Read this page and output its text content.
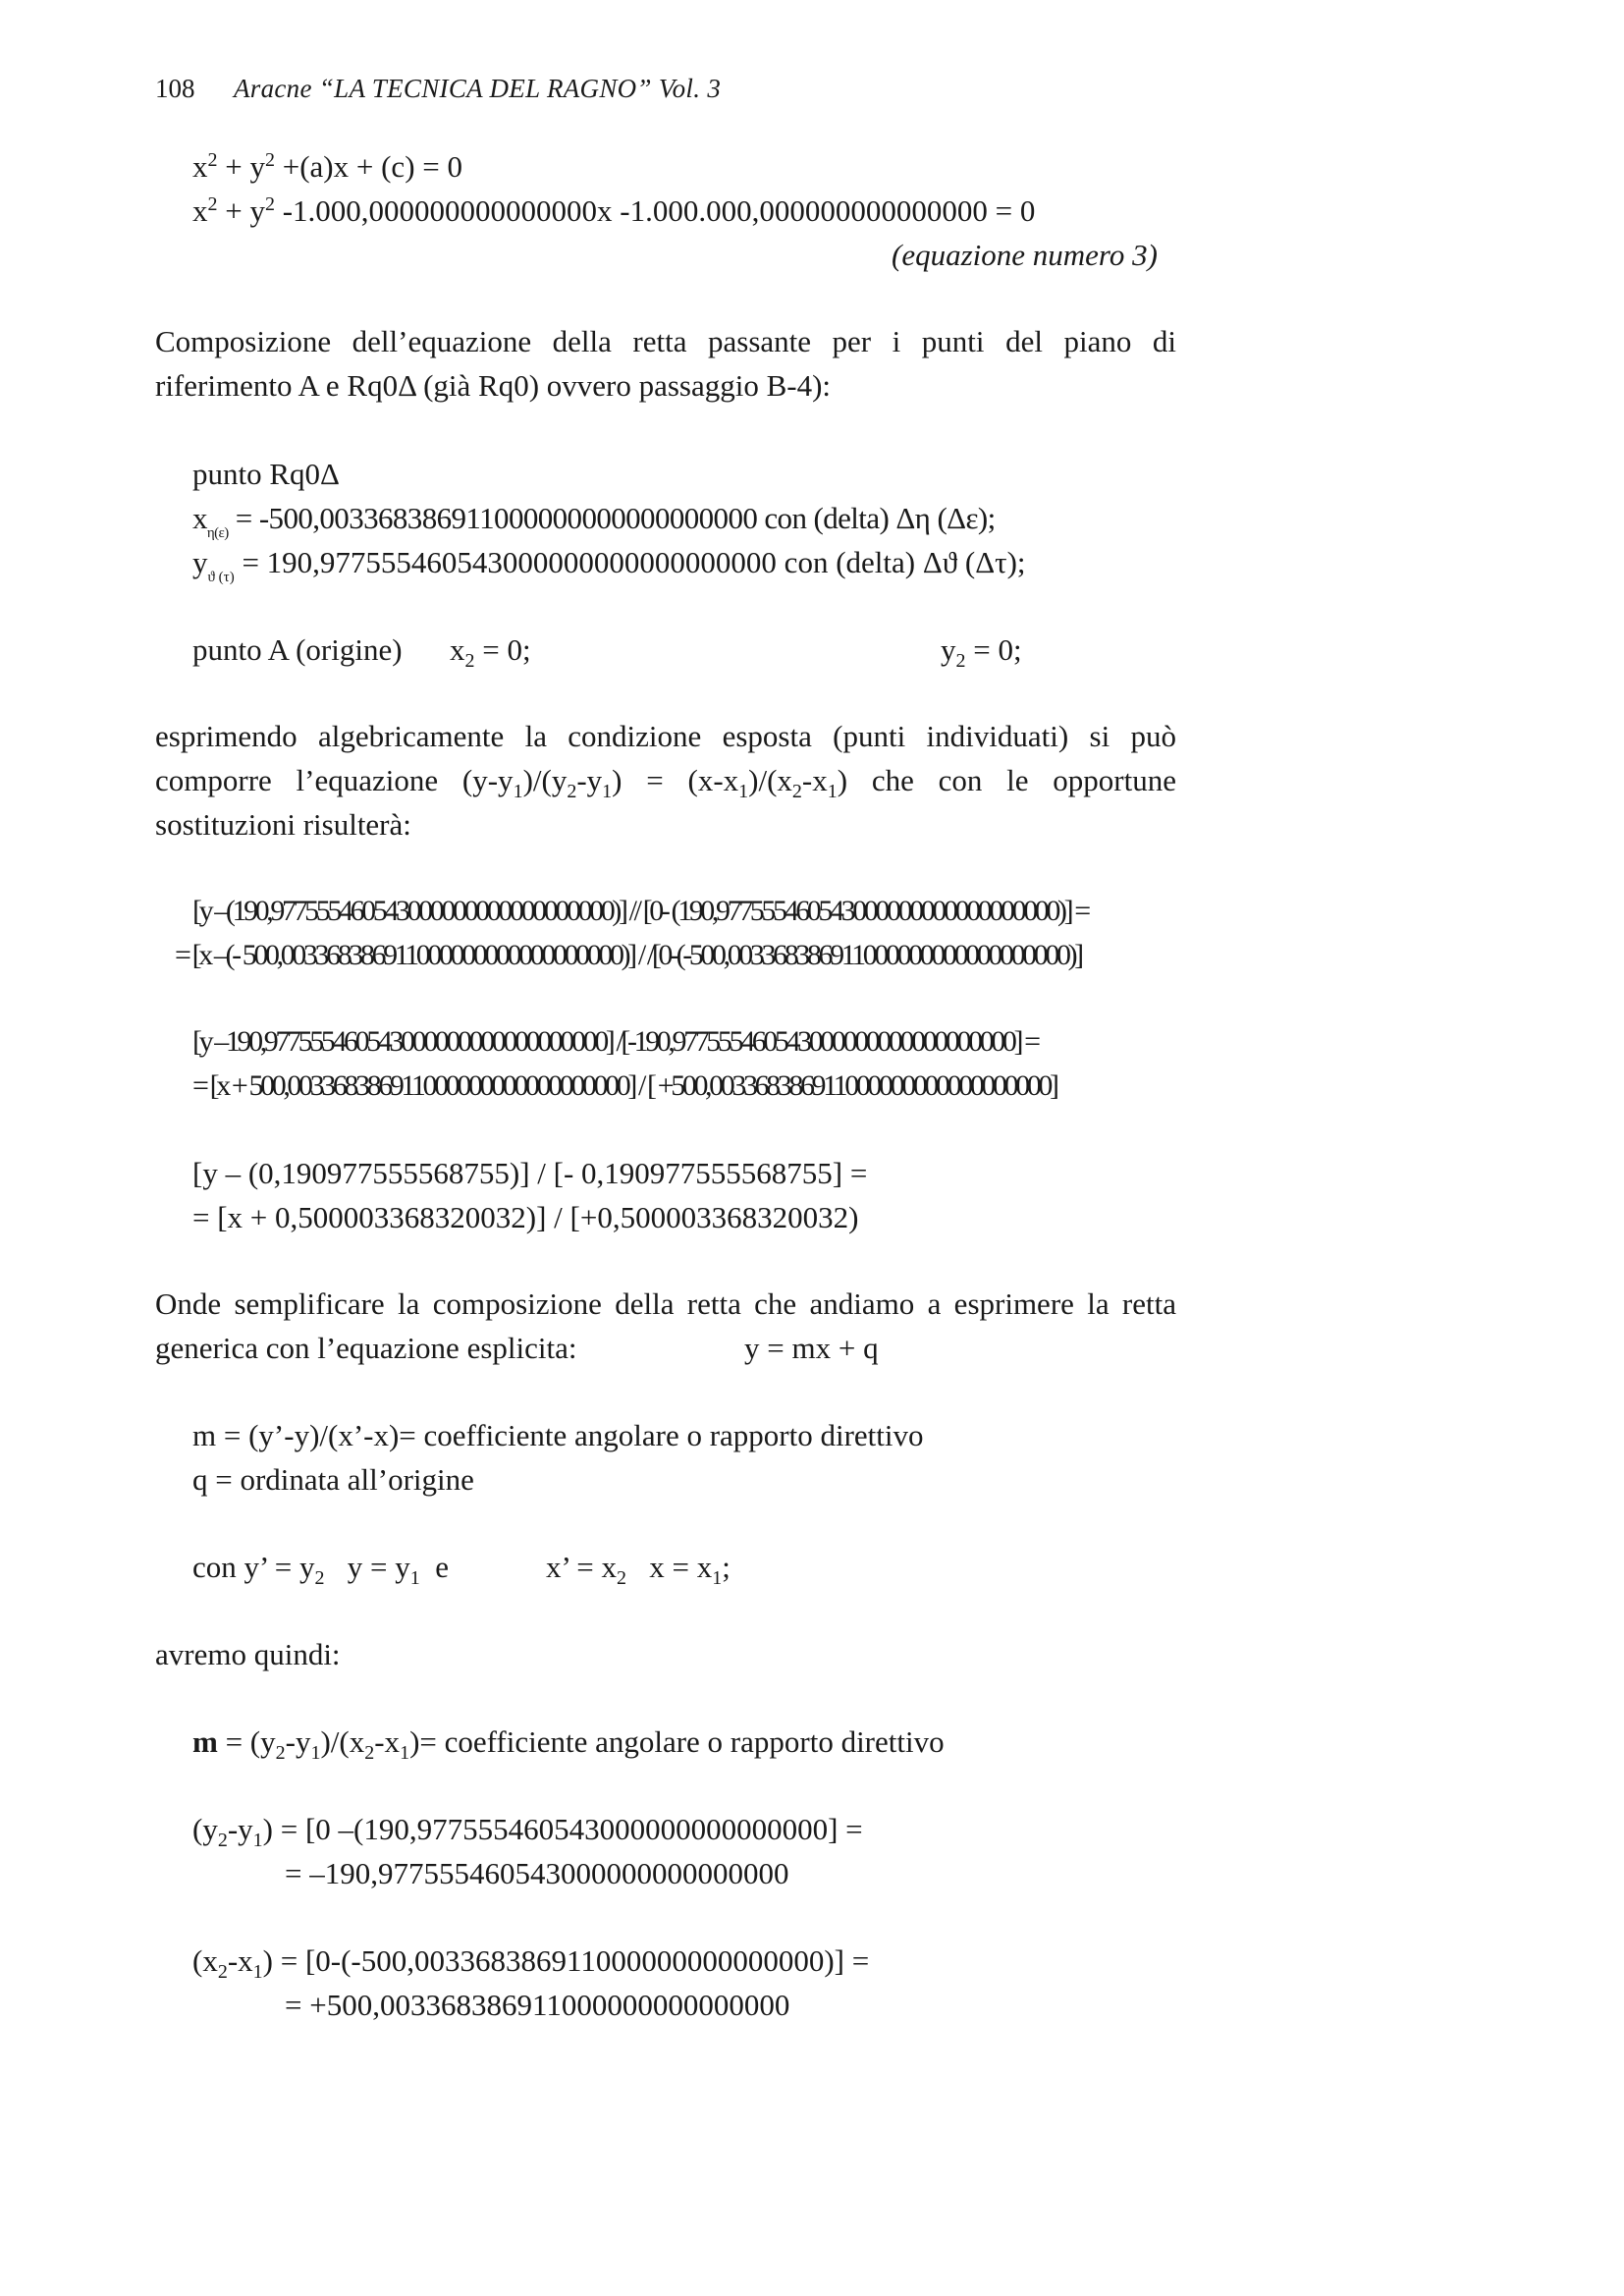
108 Aracne “LA TECNICA DEL RAGNO” Vol. 3
$x^2 + y^2 +(a)x + (c) = 0$
$x^2 + y^2$ -1.000,000000000000000x -1.000.000,000000000000000 = 0
(equazione numero 3)
Composizione dell’equazione della retta passante per i punti del piano di
riferimento A e Rq0Δ (già Rq0) ovvero passaggio B-4):
punto Rq0Δ
$x_{\eta(\varepsilon)} = -500,003368386911000000000000000000$ con (delta) Δη (Δε);
$y_{ϑ (\tau)} = 190,977555460543000000000000000000$ con (delta) Δϑ (Δτ);
punto A (origine) $x_2 = 0$;	$y_2 = 0$;
esprimendo algebricamente la condizione esposta (punti individuati) si può
comporre l’equazione $(y-y_1)/(y_2-y_1) = (x-x_1)/(x_2-x_1)$ che con le opportune
sostituzioni risulterà:
[y –(190,977555460543000000000000000000)] // [0- (190,977555460543000000000000000000)] =
= [x –(- 500,003368386911000000000000000000)] / /[0-(-500,003368386911000000000000000000)]
[y –190,977555460543000000000000000000] /[-190,977555460543000000000000000000] =
= [x + 500,003368386911000000000000000000] / [ +500,003368386911000000000000000000]
[y – (0,190977555568755)] / [- 0,190977555568755] =
= [x + 0,500003368320032)] / [+0,500003368320032)
Onde semplificare la composizione della retta che andiamo a esprimere la retta
generica con l’equazione esplicita:	y = mx + q
m = (y’-y)/(x’-x)= coefficiente angolare o rapporto direttivo
q = ordinata all’origine
con y’ = $y_2$   $y = y_1$  e	x’ = $x_2$   $x = x_1$;
avremo quindi:
$m = (y_2-y_1)/(x_2-x_1)=$ coefficiente angolare o rapporto direttivo
$(y_2-y_1) = [0$ –(190,977555460543000000000000000] =
= –190,977555460543000000000000000
$(x_2-x_1) = [0-(-500,003368386911000000000000000)]$ =
= +500,003368386911000000000000000
